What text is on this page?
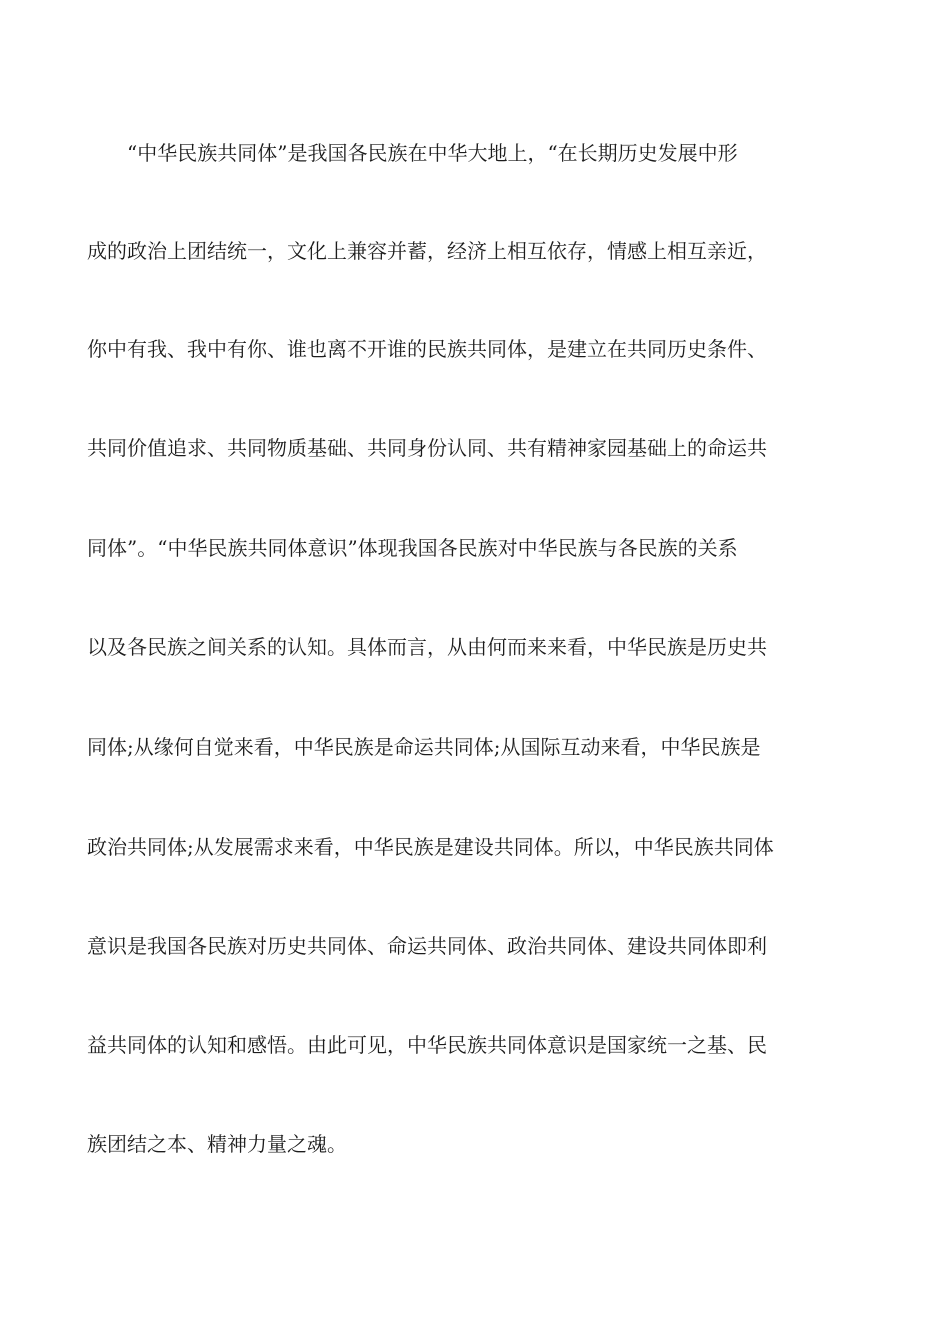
　　“中华民族共同体”是我国各民族在中华大地上，“在长期历史发展中形
成的政治上团结统一，文化上兼容并蓄，经济上相互依存，情感上相互亲近，
你中有我、我中有你、谁也离不开谁的民族共同体，是建立在共同历史条件、
共同价值追求、共同物质基础、共同身份认同、共有精神家园基础上的命运共
同体”。“中华民族共同体意识”体现我国各民族对中华民族与各民族的关系
以及各民族之间关系的认知。具体而言，从由何而来来看，中华民族是历史共
同体;从缘何自觉来看，中华民族是命运共同体;从国际互动来看，中华民族是
政治共同体;从发展需求来看，中华民族是建设共同体。所以，中华民族共同体
意识是我国各民族对历史共同体、命运共同体、政治共同体、建设共同体即利
益共同体的认知和感悟。由此可见，中华民族共同体意识是国家统一之基、民
族团结之本、精神力量之魂。
